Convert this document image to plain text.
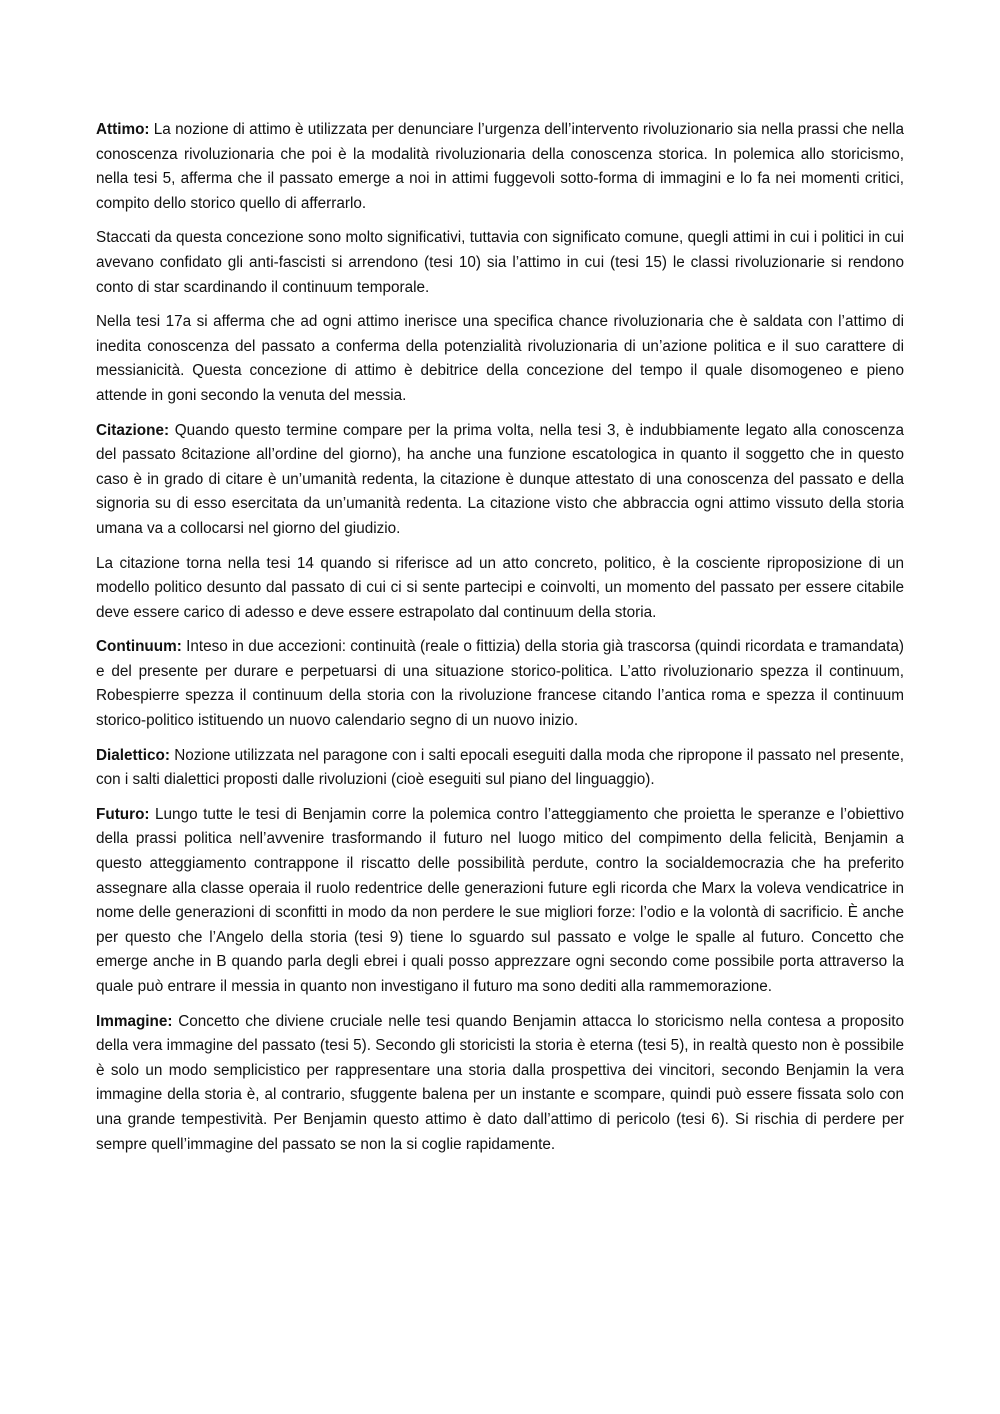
Attimo: La nozione di attimo è utilizzata per denunciare l’urgenza dell’intervento rivoluzionario sia nella prassi che nella conoscenza rivoluzionaria che poi è la modalità rivoluzionaria della conoscenza storica. In polemica allo storicismo, nella tesi 5, afferma che il passato emerge a noi in attimi fuggevoli sotto-forma di immagini e lo fa nei momenti critici, compito dello storico quello di afferrarlo.

Staccati da questa concezione sono molto significativi, tuttavia con significato comune, quegli attimi in cui i politici in cui avevano confidato gli anti-fascisti si arrendono (tesi 10) sia l’attimo in cui (tesi 15) le classi rivoluzionarie si rendono conto di star scardinando il continuum temporale.

Nella tesi 17a si afferma che ad ogni attimo inerisce una specifica chance rivoluzionaria che è saldata con l’attimo di inedita conoscenza del passato a conferma della potenzialità rivoluzionaria di un’azione politica e il suo carattere di messianicità. Questa concezione di attimo è debitrice della concezione del tempo il quale disomogeneo e pieno attende in goni secondo la venuta del messia.

Citazione: Quando questo termine compare per la prima volta, nella tesi 3, è indubbiamente legato alla conoscenza del passato 8citazione all’ordine del giorno), ha anche una funzione escatologica in quanto il soggetto che in questo caso è in grado di citare è un’umanità redenta, la citazione è dunque attestato di una conoscenza del passato e della signoria su di esso esercitata da un’umanità redenta. La citazione visto che abbraccia ogni attimo vissuto della storia umana va a collocarsi nel giorno del giudizio.

La citazione torna nella tesi 14 quando si riferisce ad un atto concreto, politico, è la cosciente riproposizione di un modello politico desunto dal passato di cui ci si sente partecipi e coinvolti, un momento del passato per essere citabile deve essere carico di adesso e deve essere estrapolato dal continuum della storia.

Continuum: Inteso in due accezioni: continuità (reale o fittizia) della storia già trascorsa (quindi ricordata e tramandata) e del presente per durare e perpetuarsi di una situazione storico-politica. L’atto rivoluzionario spezza il continuum, Robespierre spezza il continuum della storia con la rivoluzione francese citando l’antica roma e spezza il continuum storico-politico istituendo un nuovo calendario segno di un nuovo inizio.

Dialettico: Nozione utilizzata nel paragone con i salti epocali eseguiti dalla moda che ripropone il passato nel presente, con i salti dialettici proposti dalle rivoluzioni (cioè eseguiti sul piano del linguaggio).

Futuro: Lungo tutte le tesi di Benjamin corre la polemica contro l’atteggiamento che proietta le speranze e l’obiettivo della prassi politica nell’avvenire trasformando il futuro nel luogo mitico del compimento della felicità, Benjamin a questo atteggiamento contrappone il riscatto delle possibilità perdute, contro la socialdemocrazia che ha preferito assegnare alla classe operaia il ruolo redentrice delle generazioni future egli ricorda che Marx la voleva vendicatrice in nome delle generazioni di sconfitti in modo da non perdere le sue migliori forze: l’odio e la volontà di sacrificio. È anche per questo che l’Angelo della storia (tesi 9) tiene lo sguardo sul passato e volge le spalle al futuro. Concetto che emerge anche in B quando parla degli ebrei i quali posso apprezzare ogni secondo come possibile porta attraverso la quale può entrare il messia in quanto non investigano il futuro ma sono dediti alla rammemorazione.

Immagine: Concetto che diviene cruciale nelle tesi quando Benjamin attacca lo storicismo nella contesa a proposito della vera immagine del passato (tesi 5). Secondo gli storicisti la storia è eterna (tesi 5), in realtà questo non è possibile è solo un modo semplicistico per rappresentare una storia dalla prospettiva dei vincitori, secondo Benjamin la vera immagine della storia è, al contrario, sfuggente balena per un instante e scompare, quindi può essere fissata solo con una grande tempestività. Per Benjamin questo attimo è dato dall’attimo di pericolo (tesi 6). Si rischia di perdere per sempre quell’immagine del passato se non la si coglie rapidamente.
